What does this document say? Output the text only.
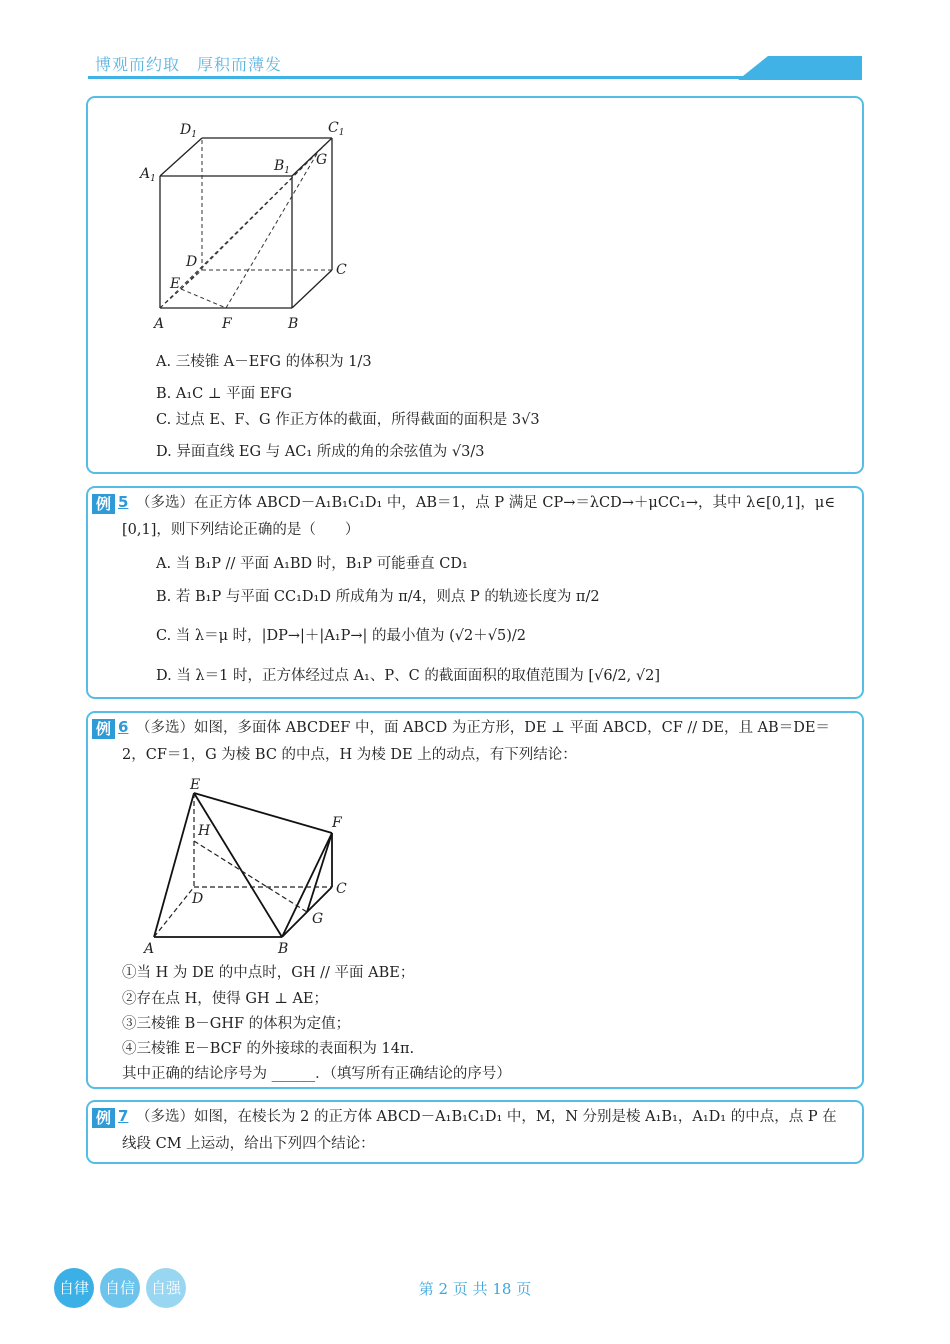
博观而约取　厚积而薄发
$D_1$	$C_1$
$A_1$
$B_1$
G
D	C
E
A	F	B
A. 三棱锥 A－EFG 的体积为 1/3
B. A₁C ⊥ 平面 EFG
C. 过点 E、F、G 作正方体的截面，所得截面的面积是 3√3
D. 异面直线 EG 与 AC₁ 所成的角的余弦值为 √3/3
例 5 （多选）在正方体 ABCD－A₁B₁C₁D₁ 中，AB＝1，点 P 满足 CP→＝λCD→＋μCC₁→，其中 λ∈[0,1]，μ∈
[0,1]，则下列结论正确的是（　　）
A. 当 B₁P // 平面 A₁BD 时，B₁P 可能垂直 CD₁
B. 若 B₁P 与平面 CC₁D₁D 所成角为 π/4，则点 P 的轨迹长度为 π/2
C. 当 λ＝μ 时，|DP→|＋|A₁P→| 的最小值为 (√2＋√5)/2
D. 当 λ＝1 时，正方体经过点 A₁、P、C 的截面面积的取值范围为 [√6/2, √2]
例 6 （多选）如图，多面体 ABCDEF 中，面 ABCD 为正方形，DE ⊥ 平面 ABCD，CF // DE，且 AB＝DE＝
2，CF＝1，G 为棱 BC 的中点，H 为棱 DE 上的动点，有下列结论：
E
H	F
D
C
G
A	B
①当 H 为 DE 的中点时，GH // 平面 ABE；
②存在点 H，使得 GH ⊥ AE；
③三棱锥 B－GHF 的体积为定值；
④三棱锥 E－BCF 的外接球的表面积为 14π.
其中正确的结论序号为 ______．（填写所有正确结论的序号）
例 7 （多选）如图，在棱长为 2 的正方体 ABCD－A₁B₁C₁D₁ 中，M，N 分别是棱 A₁B₁，A₁D₁ 的中点，点 P 在
线段 CM 上运动，给出下列四个结论：
自律	自信	自强	第 2 页 共 18 页
